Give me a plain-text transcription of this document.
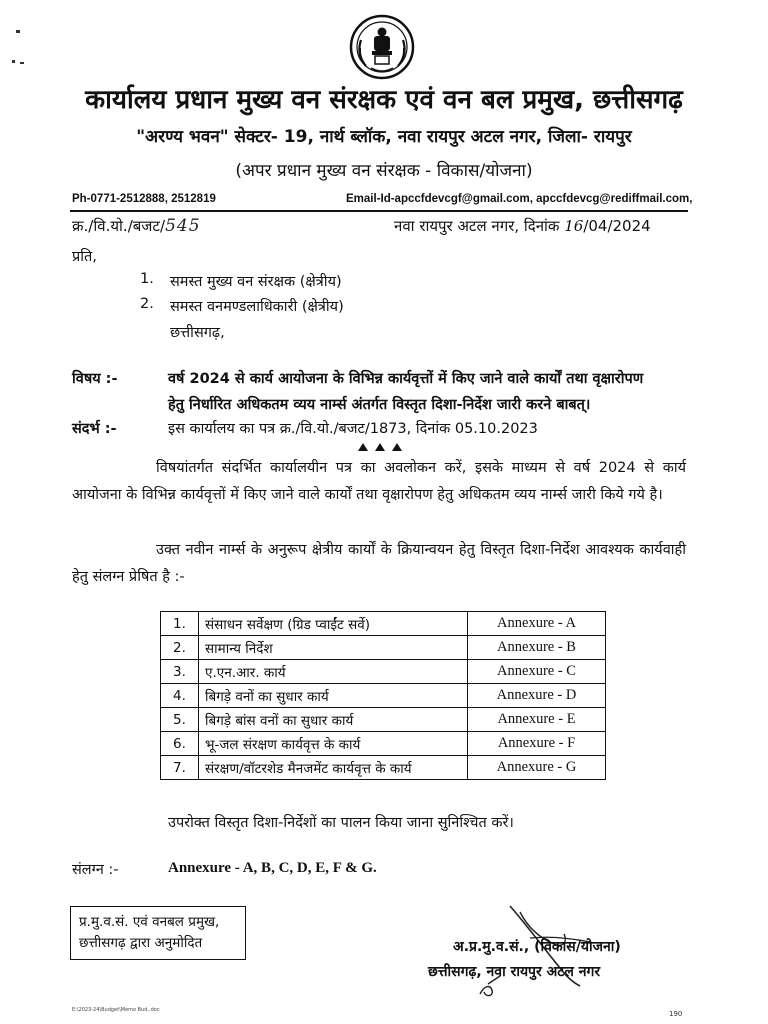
कार्यालय प्रधान मुख्य वन संरक्षक एवं वन बल प्रमुख, छत्तीसगढ़
"अरण्य भवन" सेक्टर- 19, नार्थ ब्लॉक, नवा रायपुर अटल नगर, जिला- रायपुर
(अपर प्रधान मुख्य वन संरक्षक - विकास/योजना)
Ph-0771-2512888, 2512819	Email-Id-apccfdevcgf@gmail.com, apccfdevcg@rediffmail.com,
क्र./वि.यो./बजट/545	नवा रायपुर अटल नगर, दिनांक 16/04/2024
प्रति,
1. समस्त मुख्य वन संरक्षक (क्षेत्रीय)
2. समस्त वनमण्डलाधिकारी (क्षेत्रीय)
छत्तीसगढ़,
विषय :-	वर्ष 2024 से कार्य आयोजना के विभिन्न कार्यवृत्तों में किए जाने वाले कार्यों तथा वृक्षारोपण
हेतु निर्धारित अधिकतम व्यय नार्म्स अंतर्गत विस्तृत दिशा-निर्देश जारी करने बाबत्।
संदर्भ :-	इस कार्यालय का पत्र क्र./वि.यो./बजट/1873, दिनांक 05.10.2023
विषयांतर्गत संदर्भित कार्यालयीन पत्र का अवलोकन करें, इसके माध्यम से वर्ष 2024 से कार्य आयोजना के विभिन्न कार्यवृत्तों में किए जाने वाले कार्यों तथा वृक्षारोपण हेतु अधिकतम व्यय नार्म्स जारी किये गये है।
उक्त नवीन नार्म्स के अनुरूप क्षेत्रीय कार्यों के क्रियान्वयन हेतु विस्तृत दिशा-निर्देश आवश्यक कार्यवाही हेतु संलग्न प्रेषित है :-
1.	संसाधन सर्वेक्षण (ग्रिड प्वाईंट सर्वे)	Annexure - A
2.	सामान्य निर्देश	Annexure - B
3.	ए.एन.आर. कार्य	Annexure - C
4.	बिगड़े वनों का सुधार कार्य	Annexure - D
5.	बिगड़े बांस वनों का सुधार कार्य	Annexure - E
6.	भू-जल संरक्षण कार्यवृत्त के कार्य	Annexure - F
7.	संरक्षण/वॉटरशेड मैनजमेंट कार्यवृत्त के कार्य	Annexure - G
उपरोक्त विस्तृत दिशा-निर्देशों का पालन किया जाना सुनिश्चित करें।
संलग्न :-	Annexure - A, B, C, D, E, F & G.
प्र.मु.व.सं. एवं वनबल प्रमुख,
छत्तीसगढ़ द्वारा अनुमोदित	अ.प्र.मु.व.सं., (विकास/योजना)
छत्तीसगढ़, नवा रायपुर अटल नगर
E:\2023-24\Budget\Memo Bud..doc	190
